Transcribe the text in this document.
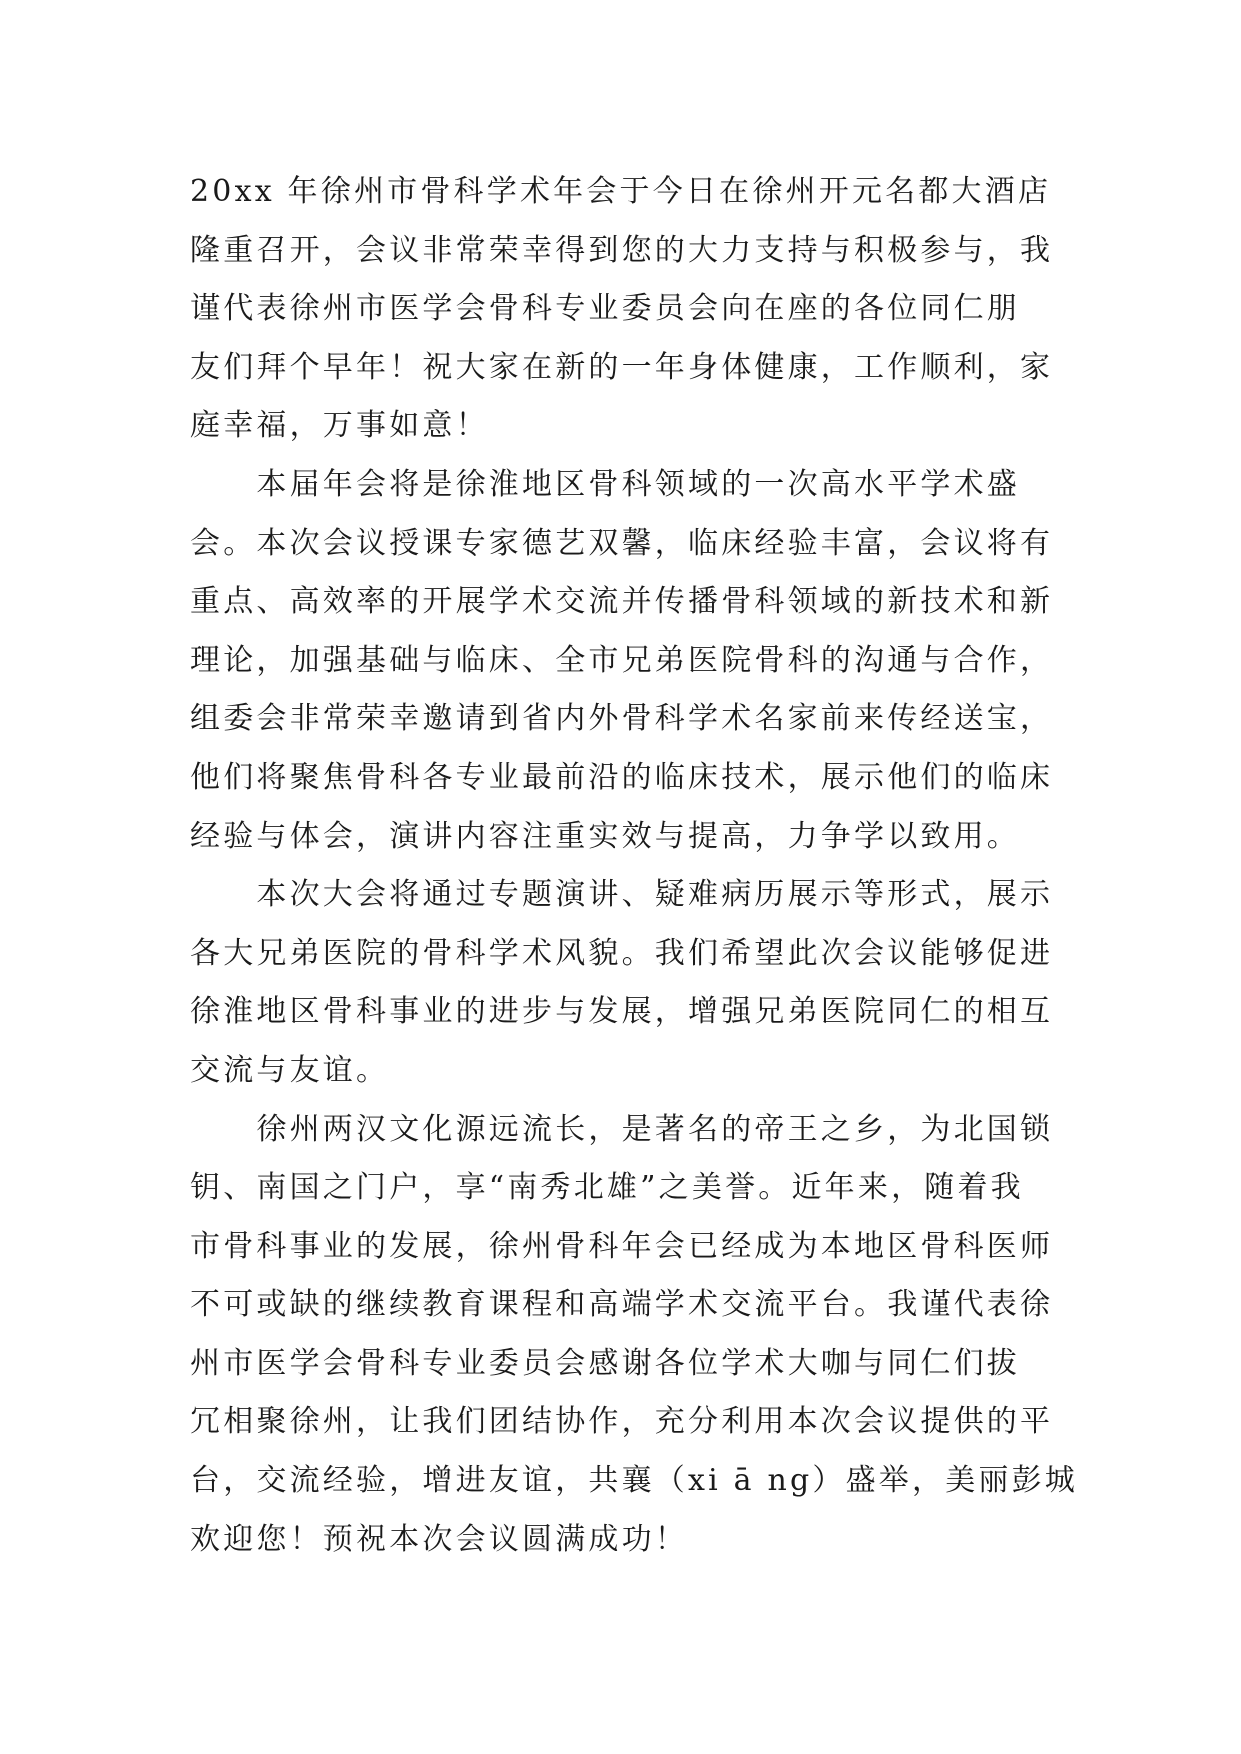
20xx 年徐州市骨科学术年会于今日在徐州开元名都大酒店
隆重召开，会议非常荣幸得到您的大力支持与积极参与，我
谨代表徐州市医学会骨科专业委员会向在座的各位同仁朋
友们拜个早年！祝大家在新的一年身体健康，工作顺利，家
庭幸福，万事如意！
　　本届年会将是徐淮地区骨科领域的一次高水平学术盛
会。本次会议授课专家德艺双馨，临床经验丰富，会议将有
重点、高效率的开展学术交流并传播骨科领域的新技术和新
理论，加强基础与临床、全市兄弟医院骨科的沟通与合作，
组委会非常荣幸邀请到省内外骨科学术名家前来传经送宝，
他们将聚焦骨科各专业最前沿的临床技术，展示他们的临床
经验与体会，演讲内容注重实效与提高，力争学以致用。
　　本次大会将通过专题演讲、疑难病历展示等形式，展示
各大兄弟医院的骨科学术风貌。我们希望此次会议能够促进
徐淮地区骨科事业的进步与发展，增强兄弟医院同仁的相互
交流与友谊。
　　徐州两汉文化源远流长，是著名的帝王之乡，为北国锁
钥、南国之门户，享“南秀北雄”之美誉。近年来，随着我
市骨科事业的发展，徐州骨科年会已经成为本地区骨科医师
不可或缺的继续教育课程和高端学术交流平台。我谨代表徐
州市医学会骨科专业委员会感谢各位学术大咖与同仁们拔
冗相聚徐州，让我们团结协作，充分利用本次会议提供的平
台，交流经验，增进友谊，共襄（xi ā ng）盛举，美丽彭城
欢迎您！预祝本次会议圆满成功！
